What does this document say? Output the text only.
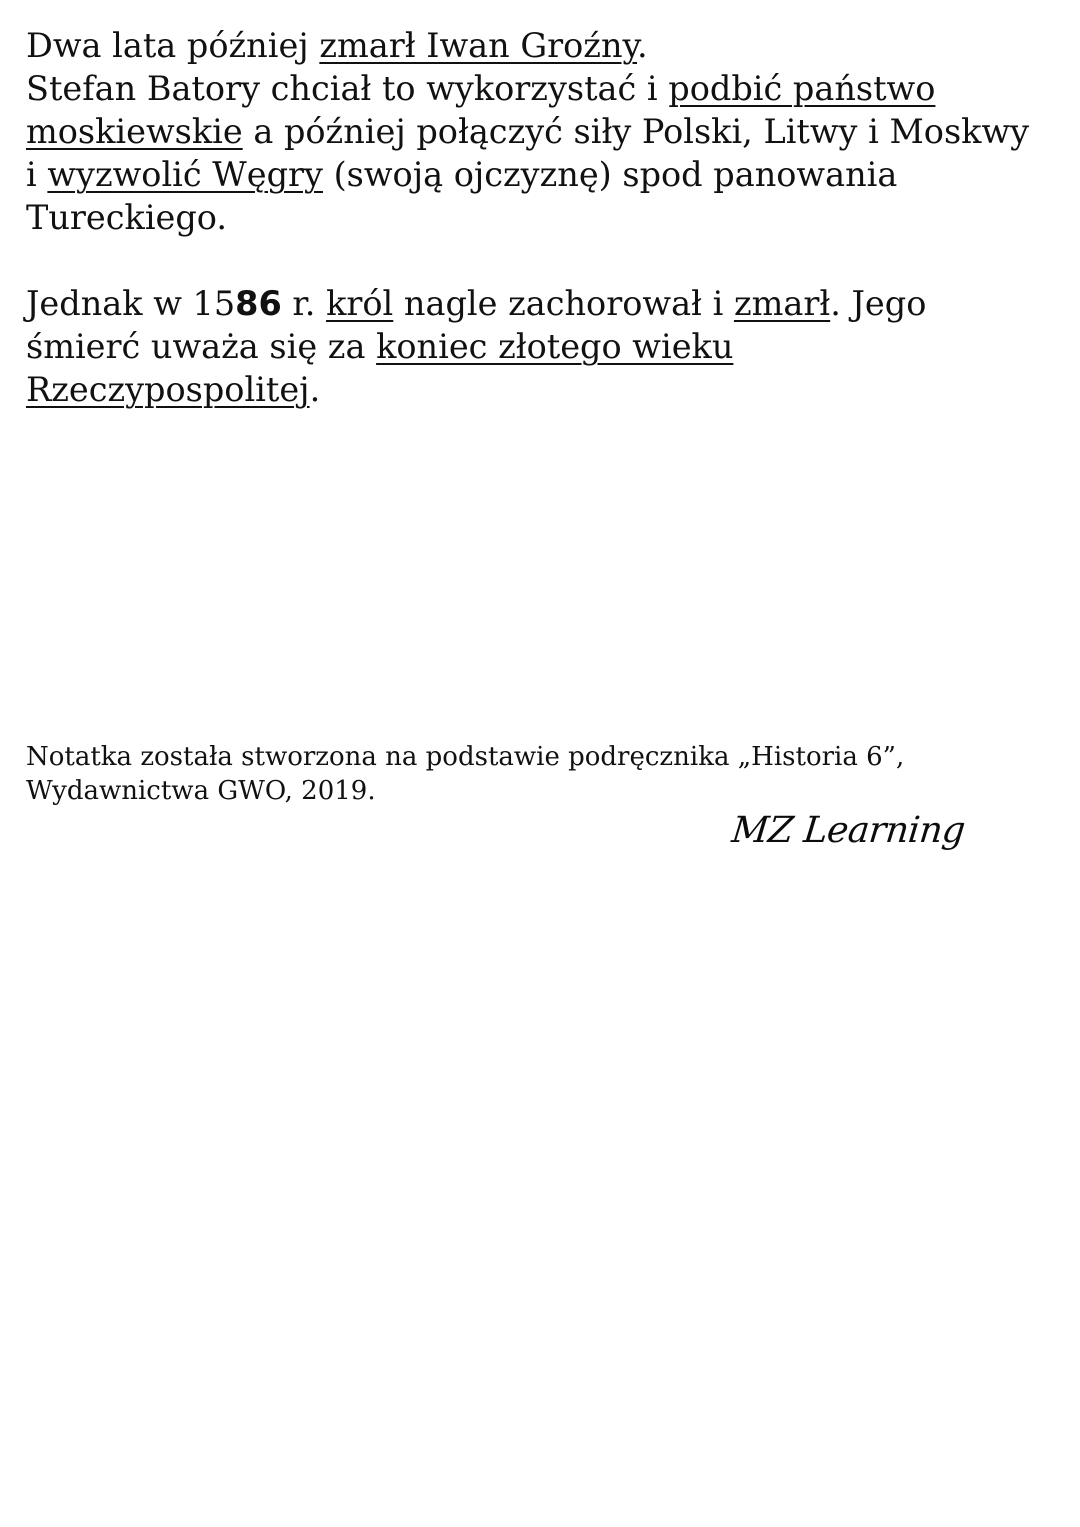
Dwa lata później zmarł Iwan Groźny.

Stefan Batory chciał to wykorzystać i podbić państwo moskiewskie a później połączyć siły Polski, Litwy i Moskwy i wyzwolić Węgry (swoją ojczyznę) spod panowania Tureckiego.

Jednak w 1586 r. król nagle zachorował i zmarł. Jego śmierć uważa się za koniec złotego wieku Rzeczypospolitej.

Notatka została stworzona na podstawie podręcznika „Historia 6”,
Wydawnictwa GWO, 2019.
MZ Learning
